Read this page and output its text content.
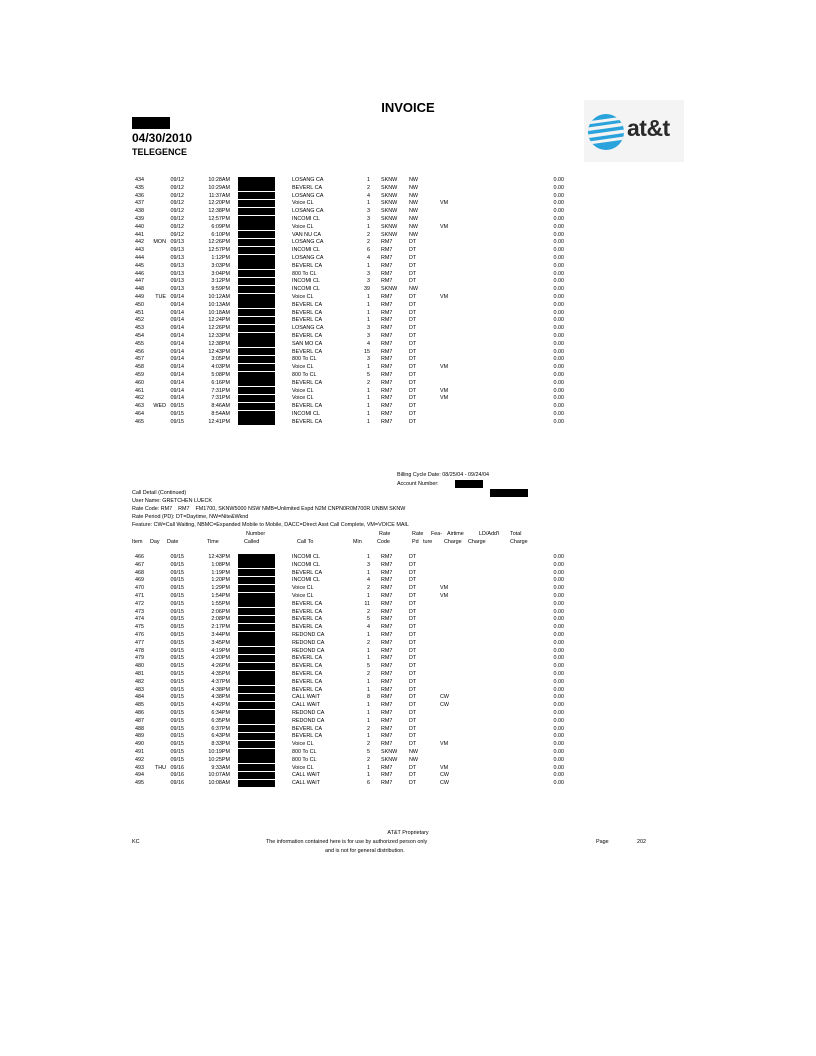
INVOICE
04/30/2010
TELEGENCE
at&t
434	09/12	10:28AM	LOSANG CA	1 SKNW	NW	0.00
435	09/12	10:29AM	BEVERL CA	2 SKNW	NW	0.00
436	09/12	11:37AM	LOSANG CA	4 SKNW	NW	0.00
437	09/12	12:20PM	Voice CL	1 SKNW	NW	VM	0.00
438	09/12	12:38PM	LOSANG CA	3 SKNW	NW	0.00
439	09/12	12:57PM	INCOMI CL	3 SKNW	NW	0.00
440	09/12	6:09PM	Voice CL	1 SKNW	NW	VM	0.00
441	09/12	6:10PM	VAN NU CA	2 SKNW	NW	0.00
442	MON 09/13	12:26PM	LOSANG CA	2 RM7	DT	0.00
443	09/13	12:57PM	INCOMI CL	6 RM7	DT	0.00
444	09/13	1:12PM	LOSANG CA	4 RM7	DT	0.00
445	09/13	3:03PM	BEVERL CA	1 RM7	DT	0.00
446	09/13	3:04PM	800 To CL	3 RM7	DT	0.00
447	09/13	3:12PM	INCOMI CL	3 RM7	DT	0.00
448	09/13	9:59PM	INCOMI CL	39 SKNW	NW	0.00
449	TUE 09/14	10:12AM	Voice CL	1 RM7	DT	VM	0.00
450	09/14	10:13AM	BEVERL CA	1 RM7	DT	0.00
451	09/14	10:18AM	BEVERL CA	1 RM7	DT	0.00
452	09/14	12:24PM	BEVERL CA	1 RM7	DT	0.00
453	09/14	12:26PM	LOSANG CA	3 RM7	DT	0.00
454	09/14	12:33PM	BEVERL CA	3 RM7	DT	0.00
455	09/14	12:38PM	SAN MO CA	4 RM7	DT	0.00
456	09/14	12:43PM	BEVERL CA	15 RM7	DT	0.00
457	09/14	3:05PM	800 To CL	3 RM7	DT	0.00
458	09/14	4:03PM	Voice CL	1 RM7	DT	VM	0.00
459	09/14	5:08PM	800 To CL	5 RM7	DT	0.00
460	09/14	6:16PM	BEVERL CA	2 RM7	DT	0.00
461	09/14	7:31PM	Voice CL	1 RM7	DT	VM	0.00
462	09/14	7:31PM	Voice CL	1 RM7	DT	VM	0.00
463	WED 09/15	8:46AM	BEVERL CA	1 RM7	DT	0.00
464	09/15	8:54AM	INCOMI CL	1 RM7	DT	0.00
465	09/15	12:41PM	BEVERL CA	1 RM7	DT	0.00
466	09/15	12:43PM	INCOMI CL	1 RM7	DT	0.00
467	09/15	1:08PM	INCOMI CL	3 RM7	DT	0.00
468	09/15	1:19PM	BEVERL CA	1 RM7	DT	0.00
469	09/15	1:20PM	INCOMI CL	4 RM7	DT	0.00
470	09/15	1:29PM	Voice CL	2 RM7	DT	VM	0.00
471	09/15	1:54PM	Voice CL	1 RM7	DT	VM	0.00
472	09/15	1:55PM	BEVERL CA	11 RM7	DT	0.00
473	09/15	2:06PM	BEVERL CA	2 RM7	DT	0.00
474	09/15	2:08PM	BEVERL CA	5 RM7	DT	0.00
475	09/15	2:17PM	BEVERL CA	4 RM7	DT	0.00
476	09/15	3:44PM	REDOND CA	1 RM7	DT	0.00
477	09/15	3:45PM	REDOND CA	2 RM7	DT	0.00
478	09/15	4:19PM	REDOND CA	1 RM7	DT	0.00
479	09/15	4:20PM	BEVERL CA	1 RM7	DT	0.00
480	09/15	4:26PM	BEVERL CA	5 RM7	DT	0.00
481	09/15	4:35PM	BEVERL CA	2 RM7	DT	0.00
482	09/15	4:37PM	BEVERL CA	1 RM7	DT	0.00
483	09/15	4:38PM	BEVERL CA	1 RM7	DT	0.00
484	09/15	4:38PM	CALL WAIT	8 RM7	DT	CW	0.00
485	09/15	4:42PM	CALL WAIT	1 RM7	DT	CW	0.00
486	09/15	6:34PM	REDOND CA	1 RM7	DT	0.00
487	09/15	6:35PM	REDOND CA	1 RM7	DT	0.00
488	09/15	6:37PM	BEVERL CA	2 RM7	DT	0.00
489	09/15	6:43PM	BEVERL CA	1 RM7	DT	0.00
490	09/15	8:33PM	Voice CL	2 RM7	DT	VM	0.00
491	09/15	10:19PM	800 To CL	5 SKNW	NW	0.00
492	09/15	10:25PM	800 To CL	2 SKNW	NW	0.00
493	THU 09/16	9:33AM	Voice CL	1 RM7	DT	VM	0.00
494	09/16	10:07AM	CALL WAIT	1 RM7	DT	CW	0.00
495	09/16	10:08AM	CALL WAIT	6 RM7	DT	CW	0.00
Billing Cycle Date: 08/25/04 - 09/24/04
Account Number:
Call Detail (Continued)
User Name: GRETCHEN LUECK
Rate Code: RM7    RM7    FM1700, SKNW5000 NSW NMB=Unlimited Expd N2M CNPN0R0M700R UNBM SKNW
Rate Period (PD): DT=Daytime, NW=Nite&Wknd
Feature: CW=Call Waiting, NBMC=Expanded Mobile to Mobile, DACC=Direct Asst Call Complete, VM=VOICE MAIL
Number	Rate	Rate Fea- Airtime	LD/Add'l Total
Item Day Date	Time	Called	Call To	Min	Code	Pd ture Charge Charge	Charge
AT&T Proprietary
KC	The information contained here is for use by authorized person only
and is not for general distribution.
Page	202
